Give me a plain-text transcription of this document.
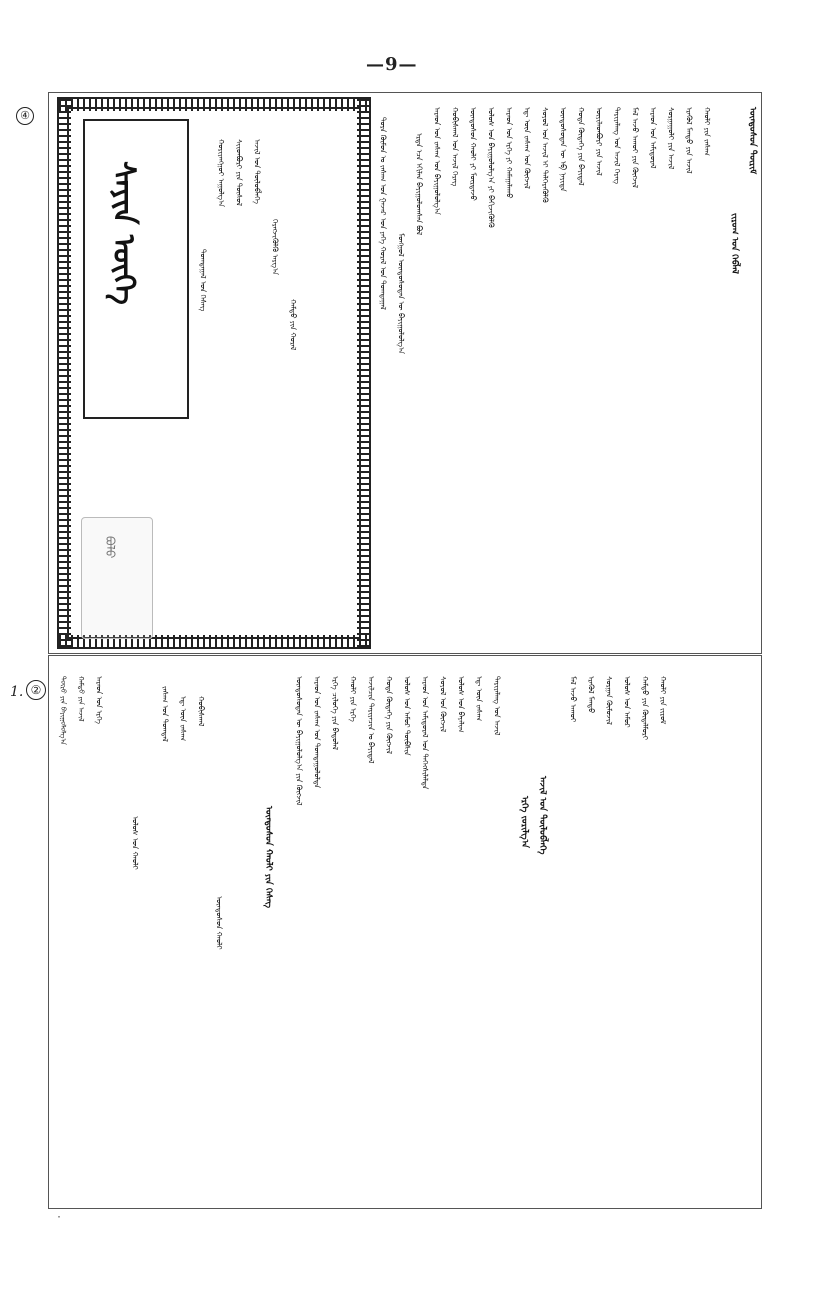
—9—
④
1. ②
ᠰᠠᠶᠢᠨ ᠦᠬᠡ	ᠲᠣᠬᠲᠠᠭᠠᠯ ᠤᠨ ᠬᠡᠰᠡᠭ
ᠬᠣᠷᠢᠶᠠᠩᠭᠤᠢ ᠠᠭᠤᠯᠭ᠎ᠠ ᠰᠢᠢᠳᠪᠦᠷᠢ ᠶᠢᠨ ᠲᠥᠰᠦᠯ ᠠᠵᠢᠯ ᠤᠨ ᠲᠥᠯᠦᠪᠯᠡᠭᠡ
ᠬᠡᠷᠡᠭᠵᠢᠭᠦᠯᠬᠦ ᠠᠷᠭ᠎ᠠ
ᠬᠠᠮᠲᠤ ᠶᠢᠨ ᠬᠤᠷᠠᠯ
ᠪᠣᠯᠤ
ᠳᠤᠷᠠ ᠬᠦᠮᠦᠨ ᠤ ᠵᠠᠰᠠᠭ ᠤᠨ ᠭᠠᠵᠠᠷ ᠤᠨ ᠶᠡᠬᠡ ᠬᠤᠷᠠᠯ ᠤᠨ ᠲᠣᠬᠲᠠᠭᠠᠯ ᠮᠣᠩᠭᠣᠯ ᠦᠨᠳᠦᠰᠦᠲᠡᠨ ᠦ ᠪᠠᠶᠢᠭᠤᠯᠤᠯᠭ᠎ᠠ
ᠡᠷᠲᠡ ᠡᠴᠡ ᠡᠬᠢᠯᠡᠨ ᠪᠠᠶᠢᠭᠤᠯᠤᠭᠰᠠᠨ ᠪᠣᠯ ᠠᠷᠠᠳ ᠤᠨ ᠵᠠᠰᠠᠭ ᠤᠨ ᠪᠠᠶᠢᠭᠤᠯᠤᠯᠭ᠎ᠠ ᠬᠤᠪᠢᠰᠬᠠᠯ ᠤᠨ ᠠᠵᠢᠯ ᠬᠡᠷᠡᠭ ᠦᠨᠳᠦᠰᠦᠨ ᠬᠠᠤᠯᠢ ᠶᠢ ᠮᠥᠷᠳᠡᠵᠦ ᠤᠯᠤᠰ ᠤᠨ ᠪᠠᠶᠢᠭᠤᠯᠤᠯᠭ᠎ᠠ ᠶᠢ ᠪᠡᠬᠢᠵᠢᠭᠦᠯᠬᠦ ᠠᠷᠠᠳ ᠤᠨ ᠡᠷᠬᠡ ᠶᠢ ᠬᠠᠮᠠᠭᠠᠯᠠᠬᠤ ᠡᠳ᠋ ᠦᠨ ᠵᠠᠰᠠᠭ ᠤᠨ ᠬᠥᠭᠵᠢᠯ ᠰᠣᠶᠣᠯ ᠤᠨ ᠠᠵᠢᠯ ᠢ ᠳᠡᠯᠭᠡᠷᠡᠭᠦᠯᠬᠦ ᠦᠨᠳᠦᠰᠦᠲᠡᠨ ᠦ ᠡᠪ ᠨᠡᠶᠢᠲᠡ ᠬᠣᠲᠠ ᠬᠥᠳᠡᠭᠡ ᠶᠢᠨ ᠪᠠᠶᠢᠳᠠᠯ ᠦᠶᠢᠯᠡᠳᠪᠦᠷᠢ ᠶᠢᠨ ᠠᠵᠢᠯ ᠲᠠᠷᠢᠶᠠᠯᠠᠩ ᠤᠨ ᠠᠵᠢᠯ ᠬᠡᠷᠡᠭ ᠮᠠᠯ ᠠᠵᠤ ᠠᠬᠤᠢ ᠶᠢᠨ ᠬᠥᠭᠵᠢᠯ ᠠᠷᠠᠳ ᠤᠨ ᠠᠮᠢᠳᠤᠷᠠᠯ ᠰᠤᠷᠭᠠᠭᠤᠯᠢ ᠶᠢᠨ ᠠᠵᠢᠯ ᠡᠷᠡᠭᠦᠯ ᠮᠡᠨᠳᠦ ᠶᠢᠨ ᠠᠵᠢᠯ ᠬᠠᠤᠯᠢ ᠶᠢᠨ ᠵᠠᠰᠠᠭ
ᠵᠢᠷᠤᠭ ᠤᠨ ᠬᠡᠪᠯᠡᠯ
ᠦᠨᠳᠦᠰᠦᠨ ᠳᠦᠷᠢᠮ
ᠲᠥᠷᠦ ᠶᠢᠨ ᠪᠠᠶᠢᠭᠤᠯᠤᠯᠭ᠎ᠠ ᠬᠠᠮᠲᠤ ᠶᠢᠨ ᠠᠵᠢᠯ ᠠᠷᠠᠳ ᠤᠨ ᠡᠷᠬᠡ
ᠤᠯᠤᠰ ᠤᠨ ᠬᠠᠤᠯᠢ
ᠵᠠᠰᠠᠭ ᠤᠨ ᠲᠣᠭᠲᠠᠯ ᠡᠳ᠋ ᠦᠨ ᠵᠠᠰᠠᠭ ᠬᠤᠪᠢᠰᠬᠠᠯ
ᠦᠨᠳᠦᠰᠦᠨ ᠬᠠᠤᠯᠢ
ᠦᠨᠳᠦᠰᠦᠨ ᠬᠠᠤᠯᠢ ᠶᠢᠨ ᠬᠡᠰᠡᠭ	ᠡᠷᠬᠡ ᠵᠣᠷᠢᠯᠭ᠎ᠠ ᠠᠵᠢᠯ ᠤᠨ ᠲᠥᠯᠦᠪᠯᠡᠭᠡ
ᠦᠨᠳᠦᠰᠦᠲᠡᠨ ᠦ ᠪᠠᠶᠢᠭᠤᠯᠤᠯᠭ᠎ᠠ ᠶᠢᠨ ᠬᠥᠭᠵᠢᠯ ᠠᠷᠠᠳ ᠤᠨ ᠵᠠᠰᠠᠭ ᠤᠨ ᠲᠣᠭᠳᠠᠭᠤᠯᠤᠯᠲᠠ ᠡᠷᠬᠡ ᠴᠢᠯᠦᠭᠡ ᠶᠢᠨ ᠪᠠᠲᠤᠯᠠᠯ ᠬᠠᠤᠯᠢ ᠶᠢᠨ ᠡᠷᠬᠡ ᠠᠵᠢᠯᠴᠢᠨ ᠲᠠᠷᠢᠶᠠᠴᠢᠨ ᠤ ᠪᠠᠶᠢᠳᠠᠯ ᠬᠣᠲᠠ ᠬᠥᠳᠡᠭᠡ ᠶᠢᠨ ᠬᠥᠭᠵᠢᠯ ᠤᠯᠤᠰ ᠤᠨ ᠠᠮᠤᠷ ᠲᠦᠪᠰᠢᠨ ᠠᠷᠠᠳ ᠤᠨ ᠠᠮᠢᠳᠤᠷᠠᠯ ᠤᠨ ᠳᠡᠭᠡᠭᠰᠢᠯᠡᠯᠲᠡ ᠰᠣᠶᠣᠯ ᠤᠨ ᠬᠥᠭᠵᠢᠯ ᠤᠯᠤᠰ ᠤᠨ ᠪᠠᠶᠠᠯᠢᠭ ᠡᠳ᠋ ᠦᠨ ᠵᠠᠰᠠᠭ ᠲᠠᠷᠢᠶᠠᠯᠠᠩ ᠤᠨ ᠠᠵᠢᠯ	ᠮᠠᠯ ᠠᠵᠤ ᠠᠬᠤᠢ ᠡᠷᠡᠭᠦᠯ ᠮᠡᠨᠳᠦ ᠰᠤᠷᠭᠠᠨ ᠬᠦᠮᠦᠵᠢᠯ ᠤᠯᠤᠰ ᠤᠨ ᠠᠮᠤᠷ ᠬᠠᠮᠲᠤ ᠶᠢᠨ ᠬᠥᠳᠡᠯᠮᠦᠷᠢ ᠬᠠᠤᠯᠢ ᠶᠢᠨ ᠵᠢᠷᠤᠮ
·
